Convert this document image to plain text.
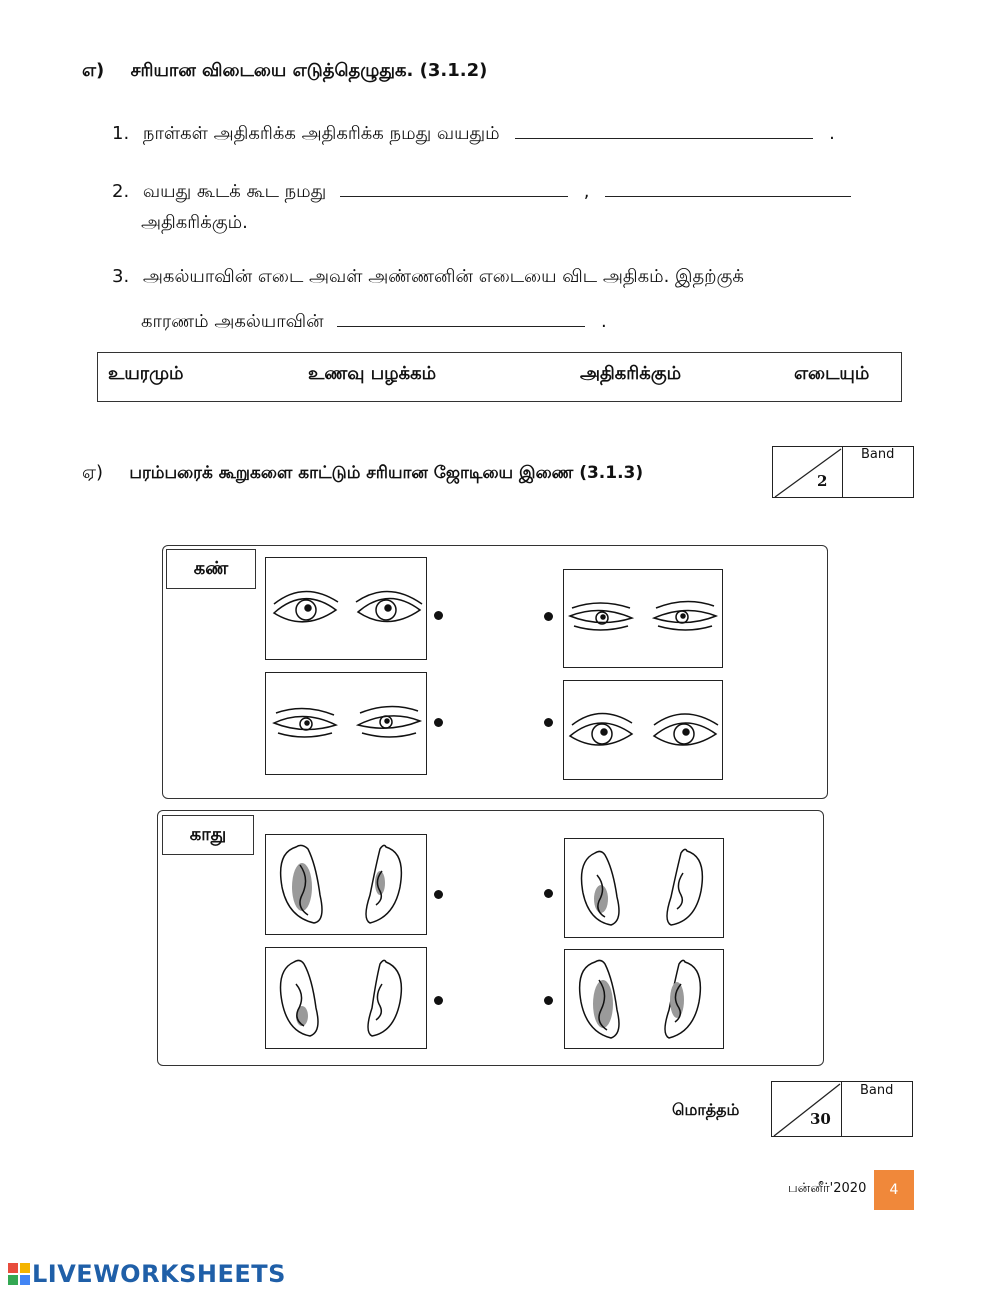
எ) சரியான விடையை எடுத்தெழுதுக. (3.1.2)
1. நாள்கள் அதிகரிக்க அதிகரிக்க நமது வயதும்	.
2. வயது கூடக் கூட நமது	,
அதிகரிக்கும்.
3. அகல்யாவின் எடை அவள் அண்ணனின் எடையை விட அதிகம். இதற்குக்
காரணம் அகல்யாவின்	.
உயரமும்	உணவு பழக்கம்	அதிகரிக்கும்	எடையும்
ஏ) பரம்பரைக் கூறுகளை காட்டும் சரியான ஜோடியை இணை (3.1.3)	2
Band
கண்
காது
மொத்தம்	30
Band
பன்னீர்'2020	4
LIVEWORKSHEETS
